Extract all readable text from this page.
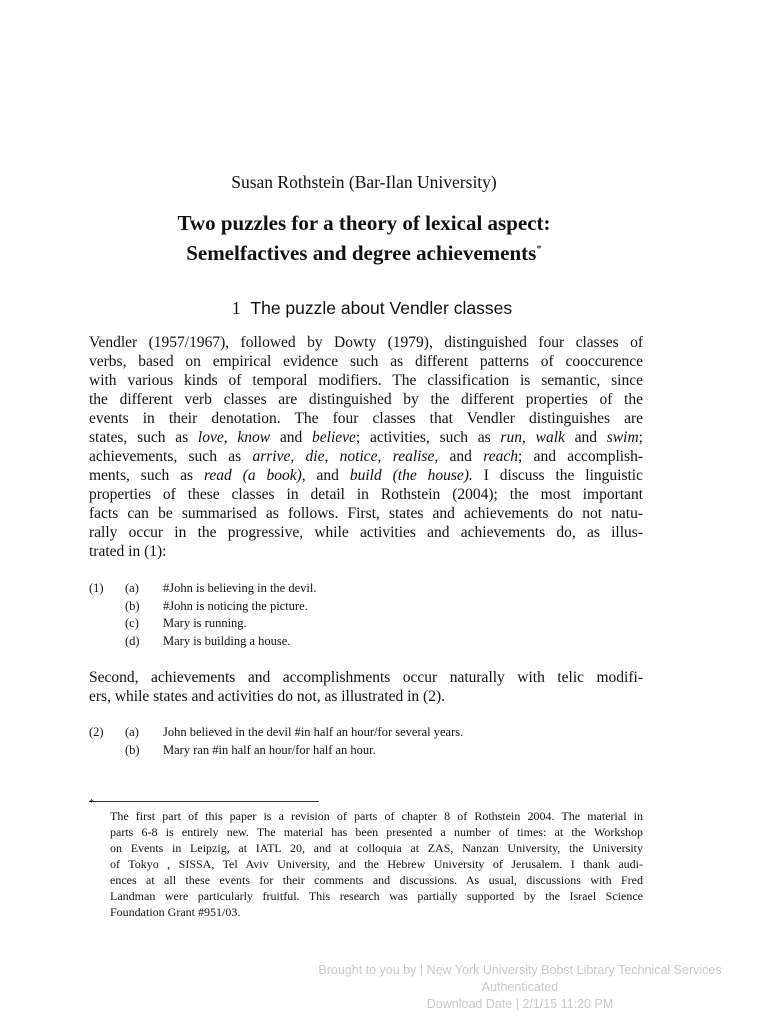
Susan Rothstein (Bar-Ilan University)
Two puzzles for a theory of lexical aspect:
Semelfactives and degree achievements*
1 The puzzle about Vendler classes
Vendler (1957/1967), followed by Dowty (1979), distinguished four classes of
verbs, based on empirical evidence such as different patterns of cooccurence
with various kinds of temporal modifiers. The classification is semantic, since
the different verb classes are distinguished by the different properties of the
events in their denotation. The four classes that Vendler distinguishes are
states, such as love, know and believe; activities, such as run, walk and swim;
achievements, such as arrive, die, notice, realise, and reach; and accomplish-
ments, such as read (a book), and build (the house). I discuss the linguistic
properties of these classes in detail in Rothstein (2004); the most important
facts can be summarised as follows. First, states and achievements do not natu-
rally occur in the progressive, while activities and achievements do, as illus-
trated in (1):
(1) (a) #John is believing in the devil.
(b) #John is noticing the picture.
(c) Mary is running.
(d) Mary is building a house.
Second, achievements and accomplishments occur naturally with telic modifi-
ers, while states and activities do not, as illustrated in (2).
(2) (a) John believed in the devil #in half an hour/for several years.
(b) Mary ran #in half an hour/for half an hour.
*
The first part of this paper is a revision of parts of chapter 8 of Rothstein 2004. The material in
parts 6-8 is entirely new. The material has been presented a number of times: at the Workshop
on Events in Leipzig, at IATL 20, and at colloquia at ZAS, Nanzan University, the University
of Tokyo , SISSA, Tel Aviv University, and the Hebrew University of Jerusalem. I thank audi-
ences at all these events for their comments and discussions. As usual, discussions with Fred
Landman were particularly fruitful. This research was partially supported by the Israel Science
Foundation Grant #951/03.
Brought to you by | New York University Bobst Library Technical Services
Authenticated
Download Date | 2/1/15 11:20 PM
